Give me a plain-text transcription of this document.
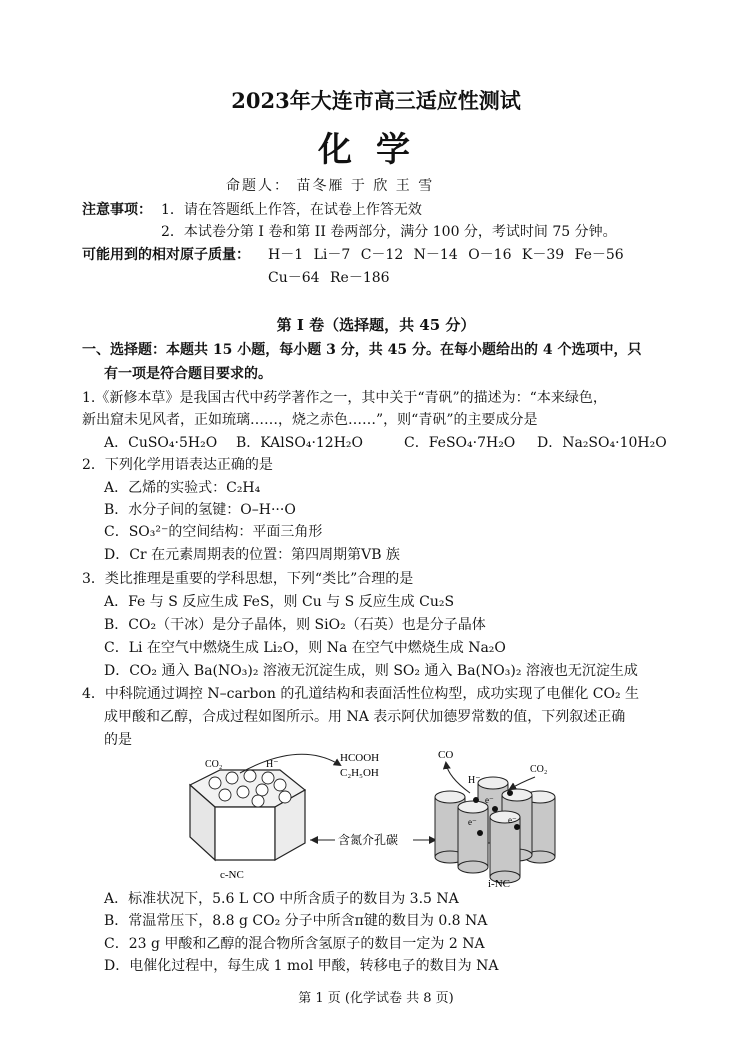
2023年大连市高三适应性测试
化学
命题人： 苗冬雁 于 欣 王 雪
注意事项： 1．请在答题纸上作答，在试卷上作答无效
2．本试卷分第 I 卷和第 II 卷两部分，满分 100 分，考试时间 75 分钟。
可能用到的相对原子质量： H－1 Li－7 C－12 N－14 O－16 K－39 Fe－56
Cu－64 Re－186
第 I 卷（选择题，共 45 分）
一、选择题：本题共 15 小题，每小题 3 分，共 45 分。在每小题给出的 4 个选项中，只
有一项是符合题目要求的。
1.《新修本草》是我国古代中药学著作之一，其中关于“青矾”的描述为：“本来绿色，
新出窟未见风者，正如琉璃……，烧之赤色……”，则“青矾”的主要成分是
A．CuSO₄·5H₂O B．KAlSO₄·12H₂O	C．FeSO₄·7H₂O D．Na₂SO₄·10H₂O
2．下列化学用语表达正确的是
A．乙烯的实验式：C₂H₄
B．水分子间的氢键：O–H···O
C．SO₃²⁻的空间结构：平面三角形
D．Cr 在元素周期表的位置：第四周期第ⅤB 族
3．类比推理是重要的学科思想，下列“类比”合理的是
A．Fe 与 S 反应生成 FeS，则 Cu 与 S 反应生成 Cu₂S
B．CO₂（干冰）是分子晶体，则 SiO₂（石英）也是分子晶体
C．Li 在空气中燃烧生成 Li₂O，则 Na 在空气中燃烧生成 Na₂O
D．CO₂ 通入 Ba(NO₃)₂ 溶液无沉淀生成，则 SO₂ 通入 Ba(NO₃)₂ 溶液也无沉淀生成
4．中科院通过调控 N–carbon 的孔道结构和表面活性位构型，成功实现了电催化 CO₂ 生
成甲酸和乙醇，合成过程如图所示。用 NA 表示阿伏加德罗常数的值，下列叙述正确
的是
CO₂	H⁻
HCOOH
C₂H₅OH
c-NC
含氮介孔碳
e⁻
e⁻	e⁻
CO
H⁻
CO₂
i-NC
A．标准状况下，5.6 L CO 中所含质子的数目为 3.5 NA
B．常温常压下，8.8 g CO₂ 分子中所含π键的数目为 0.8 NA
C．23 g 甲酸和乙醇的混合物所含氢原子的数目一定为 2 NA
D．电催化过程中，每生成 1 mol 甲酸，转移电子的数目为 NA
第 1 页 (化学试卷 共 8 页)
